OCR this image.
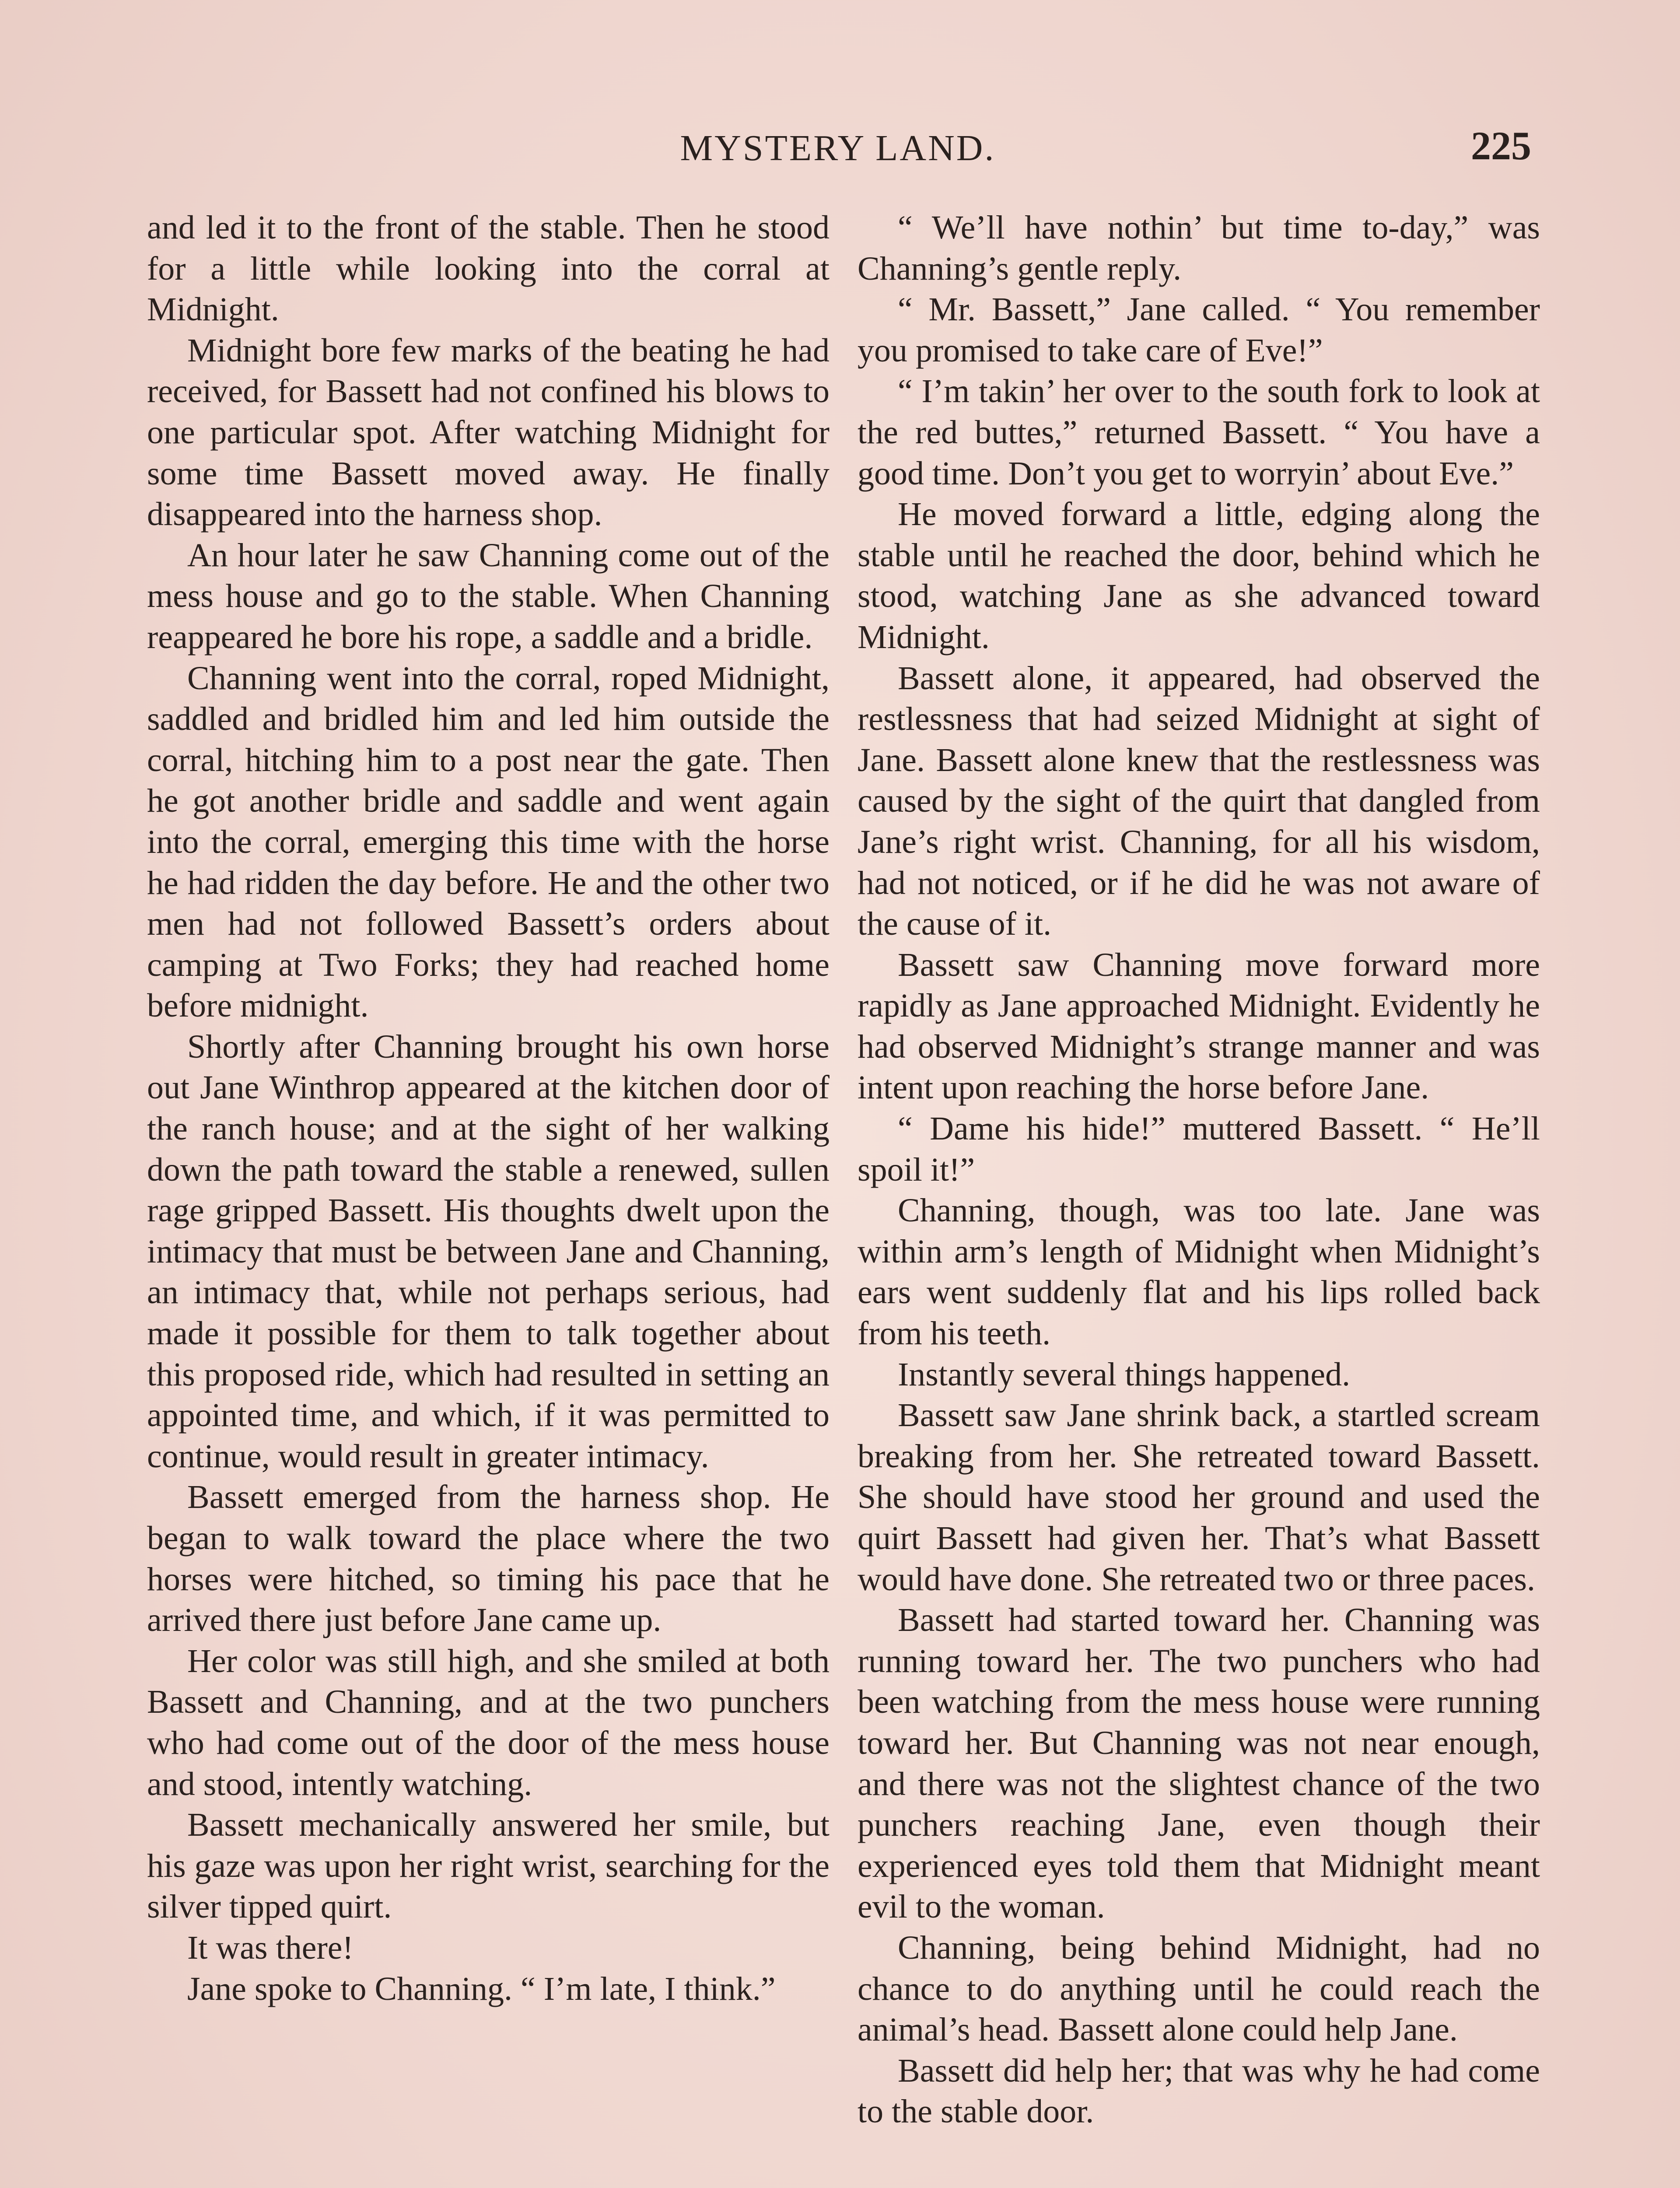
MYSTERY LAND.	225

and led it to the front of the stable. Then he stood for a little while looking into the corral at Midnight.

Midnight bore few marks of the beating he had received, for Bassett had not confined his blows to one particular spot. After watching Midnight for some time Bassett moved away. He finally disappeared into the harness shop.

An hour later he saw Channing come out of the mess house and go to the stable. When Channing reappeared he bore his rope, a saddle and a bridle.

Channing went into the corral, roped Midnight, saddled and bridled him and led him outside the corral, hitching him to a post near the gate. Then he got another bridle and saddle and went again into the corral, emerging this time with the horse he had ridden the day before. He and the other two men had not followed Bassett’s orders about camping at Two Forks; they had reached home before midnight.

Shortly after Channing brought his own horse out Jane Winthrop appeared at the kitchen door of the ranch house; and at the sight of her walking down the path toward the stable a renewed, sullen rage gripped Bassett. His thoughts dwelt upon the intimacy that must be between Jane and Channing, an intimacy that, while not perhaps serious, had made it possible for them to talk together about this proposed ride, which had resulted in setting an appointed time, and which, if it was permitted to continue, would result in greater intimacy.

Bassett emerged from the harness shop. He began to walk toward the place where the two horses were hitched, so timing his pace that he arrived there just before Jane came up.

Her color was still high, and she smiled at both Bassett and Channing, and at the two punchers who had come out of the door of the mess house and stood, intently watching.

Bassett mechanically answered her smile, but his gaze was upon her right wrist, searching for the silver tipped quirt.

It was there!

Jane spoke to Channing. “ I’m late, I think.”

“ We’ll have nothin’ but time to-day,” was Channing’s gentle reply.

“ Mr. Bassett,” Jane called. “ You remember you promised to take care of Eve!”

“ I’m takin’ her over to the south fork to look at the red buttes,” returned Bassett. “ You have a good time. Don’t you get to worryin’ about Eve.”

He moved forward a little, edging along the stable until he reached the door, behind which he stood, watching Jane as she advanced toward Midnight.

Bassett alone, it appeared, had observed the restlessness that had seized Midnight at sight of Jane. Bassett alone knew that the restlessness was caused by the sight of the quirt that dangled from Jane’s right wrist. Channing, for all his wisdom, had not noticed, or if he did he was not aware of the cause of it.

Bassett saw Channing move forward more rapidly as Jane approached Midnight. Evidently he had observed Midnight’s strange manner and was intent upon reaching the horse before Jane.

“ Dame his hide!” muttered Bassett. “ He’ll spoil it!”

Channing, though, was too late. Jane was within arm’s length of Midnight when Midnight’s ears went suddenly flat and his lips rolled back from his teeth.

Instantly several things happened.

Bassett saw Jane shrink back, a startled scream breaking from her. She retreated toward Bassett. She should have stood her ground and used the quirt Bassett had given her. That’s what Bassett would have done. She retreated two or three paces.

Bassett had started toward her. Channing was running toward her. The two punchers who had been watching from the mess house were running toward her. But Channing was not near enough, and there was not the slightest chance of the two punchers reaching Jane, even though their experienced eyes told them that Midnight meant evil to the woman.

Channing, being behind Midnight, had no chance to do anything until he could reach the animal’s head. Bassett alone could help Jane.

Bassett did help her; that was why he had come to the stable door.
